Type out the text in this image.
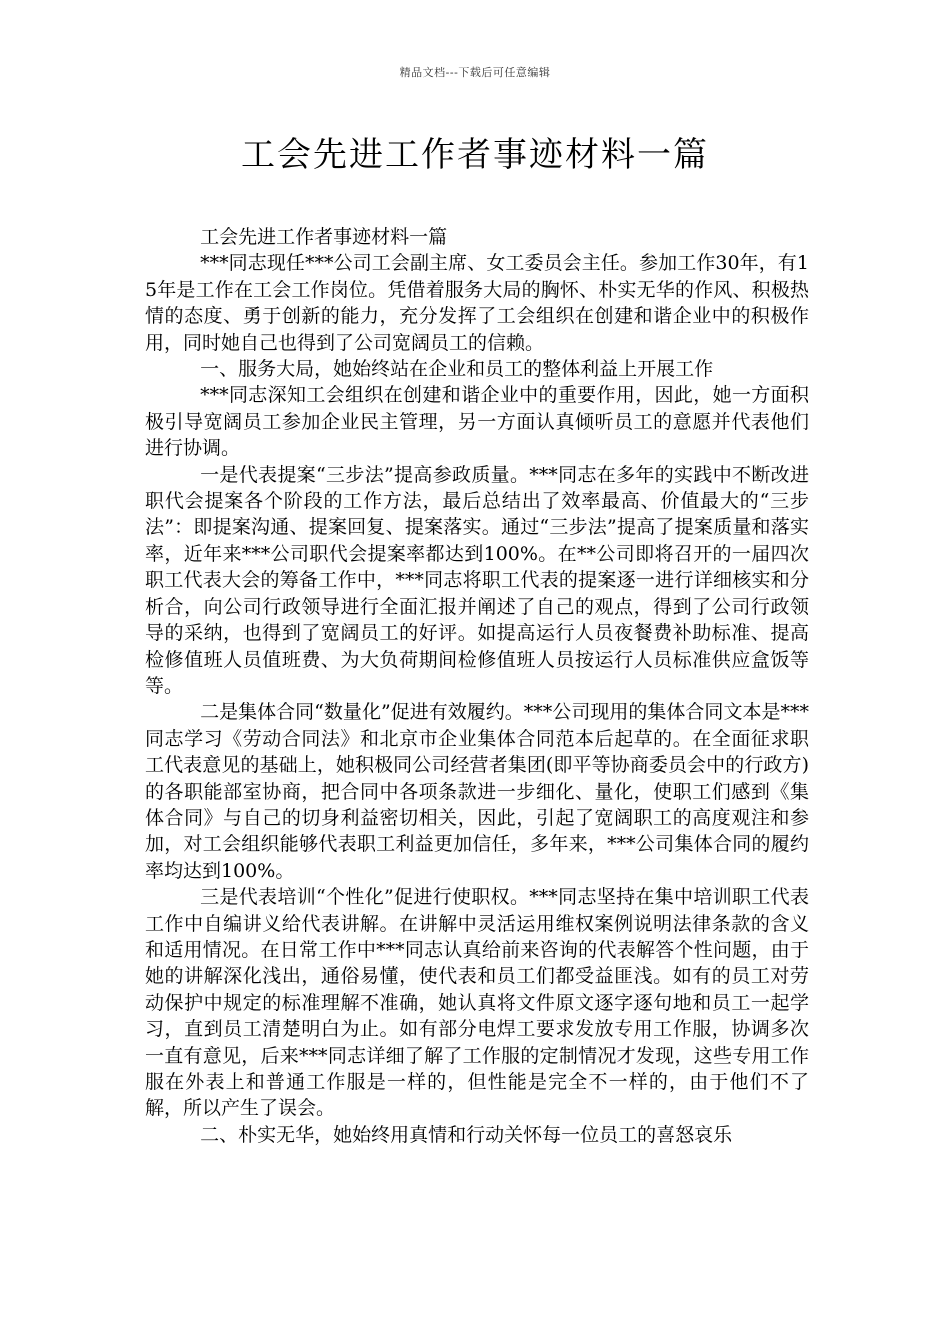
精品文档---下载后可任意编辑
工会先进工作者事迹材料一篇

工会先进工作者事迹材料一篇

***同志现任***公司工会副主席、女工委员会主任。参加工作30年，有15年是工作在工会工作岗位。凭借着服务大局的胸怀、朴实无华的作风、积极热情的态度、勇于创新的能力，充分发挥了工会组织在创建和谐企业中的积极作用，同时她自己也得到了公司宽阔员工的信赖。

一、服务大局，她始终站在企业和员工的整体利益上开展工作

***同志深知工会组织在创建和谐企业中的重要作用，因此，她一方面积极引导宽阔员工参加企业民主管理，另一方面认真倾听员工的意愿并代表他们进行协调。

一是代表提案“三步法”提高参政质量。***同志在多年的实践中不断改进职代会提案各个阶段的工作方法，最后总结出了效率最高、价值最大的“三步法”：即提案沟通、提案回复、提案落实。通过“三步法”提高了提案质量和落实率，近年来***公司职代会提案率都达到100%。在**公司即将召开的一届四次职工代表大会的筹备工作中，***同志将职工代表的提案逐一进行详细核实和分析合，向公司行政领导进行全面汇报并阐述了自己的观点，得到了公司行政领导的采纳，也得到了宽阔员工的好评。如提高运行人员夜餐费补助标准、提高检修值班人员值班费、为大负荷期间检修值班人员按运行人员标准供应盒饭等等。

二是集体合同“数量化”促进有效履约。***公司现用的集体合同文本是***同志学习《劳动合同法》和北京市企业集体合同范本后起草的。在全面征求职工代表意见的基础上，她积极同公司经营者集团(即平等协商委员会中的行政方)的各职能部室协商，把合同中各项条款进一步细化、量化，使职工们感到《集体合同》与自己的切身利益密切相关，因此，引起了宽阔职工的高度观注和参加，对工会组织能够代表职工利益更加信任，多年来，***公司集体合同的履约率均达到100%。

三是代表培训“个性化”促进行使职权。***同志坚持在集中培训职工代表工作中自编讲义给代表讲解。在讲解中灵活运用维权案例说明法律条款的含义和适用情况。在日常工作中***同志认真给前来咨询的代表解答个性问题，由于她的讲解深化浅出，通俗易懂，使代表和员工们都受益匪浅。如有的员工对劳动保护中规定的标准理解不准确，她认真将文件原文逐字逐句地和员工一起学习，直到员工清楚明白为止。如有部分电焊工要求发放专用工作服，协调多次一直有意见，后来***同志详细了解了工作服的定制情况才发现，这些专用工作服在外表上和普通工作服是一样的，但性能是完全不一样的，由于他们不了解，所以产生了误会。

二、朴实无华，她始终用真情和行动关怀每一位员工的喜怒哀乐
